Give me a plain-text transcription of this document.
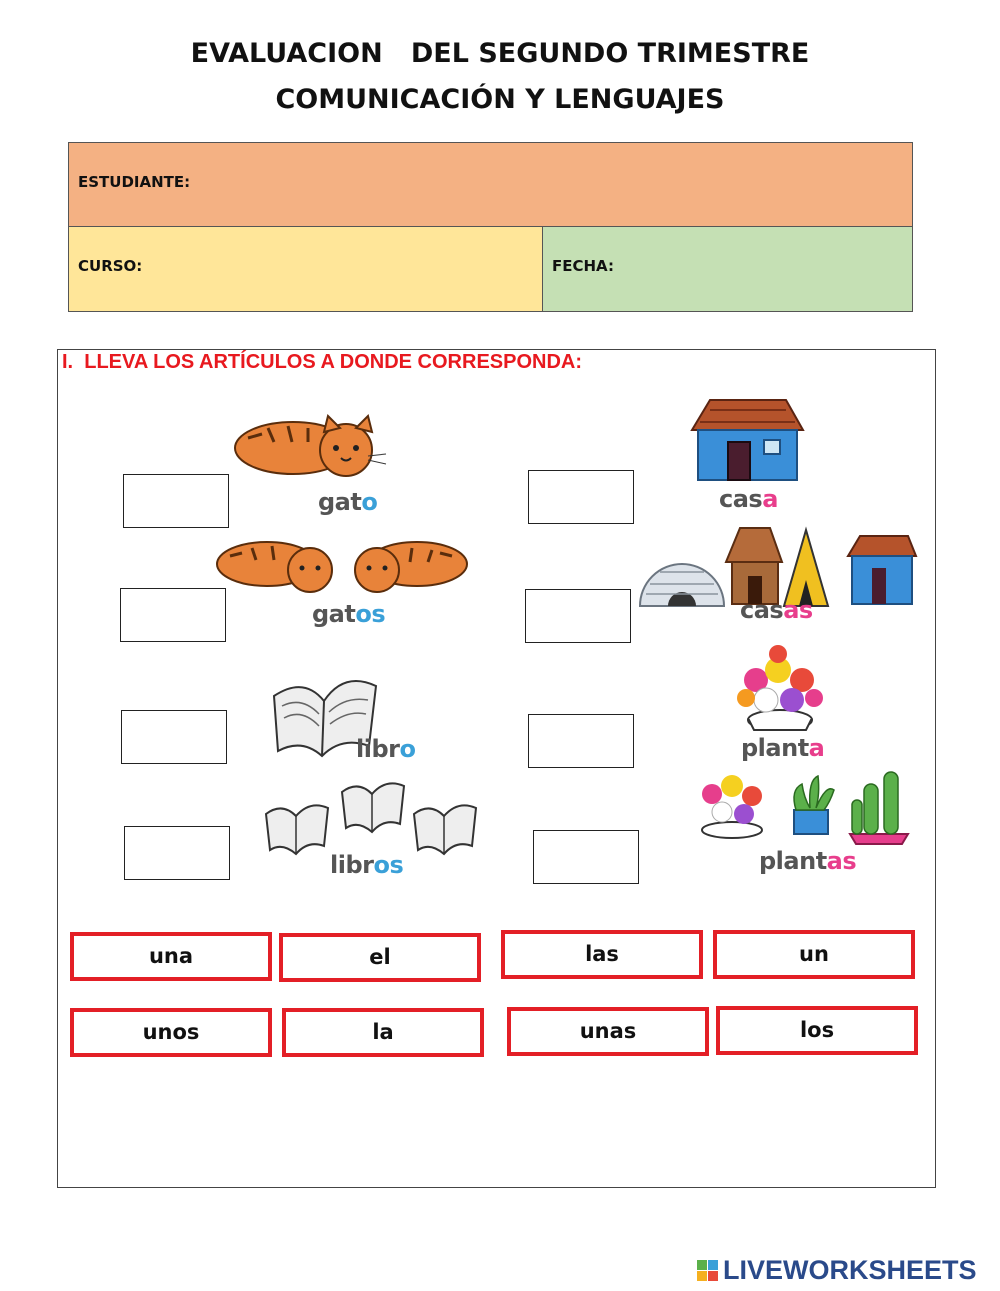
EVALUACION   DEL SEGUNDO TRIMESTRE
COMUNICACIÓN Y LENGUAJES
ESTUDIANTE:
CURSO:	FECHA:
I.  LLEVA LOS ARTÍCULOS A DONDE CORRESPONDA:
gato
gatos
libro
libros
casa
casas
planta
plantas
una	el	las	un
unos	la	unas	los
LIVEWORKSHEETS
